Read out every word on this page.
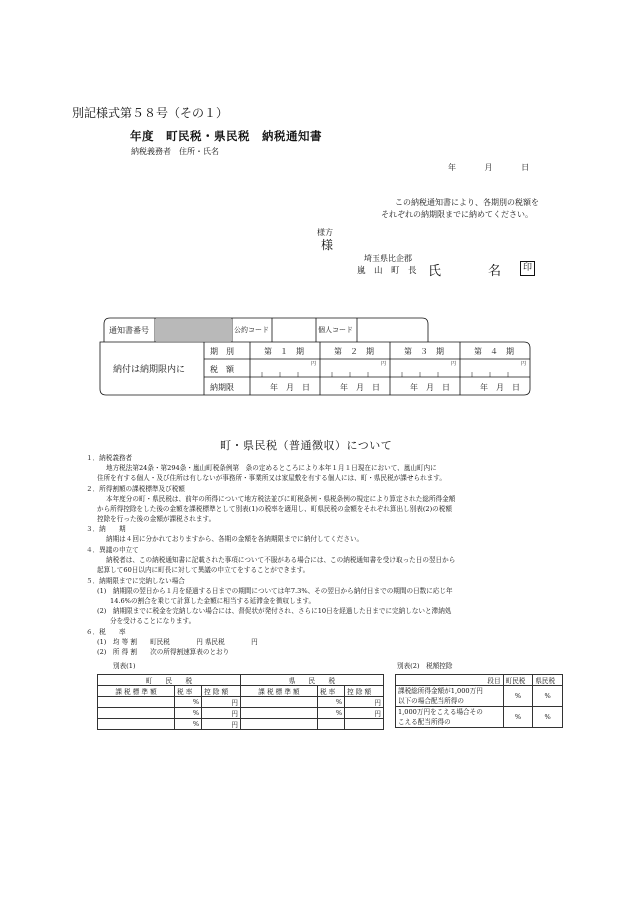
別記様式第５８号（その１）
年度　町民税・県民税　納税通知書
納税義務者　住所・氏名
年 月 日
この納税通知書により、各期別の税額を
それぞれの納期限までに納めてください。
様方
様
埼玉県比企郡
嵐　山　町　長 氏　　　名	印
通知書番号	公約コード	個人コード
納付は納期限内に
期　別
税　額
納期限
第　１　期	第　２　期	第　３　期	第　４　期
円	円	円	円
年　月　日	年　月　日	年　月　日	年　月　日
町・県民税（普通徴収）について
１．納税義務者
地方税法第24条・第294条・嵐山町税条例第　条の定めるところにより本年１月１日現在において、嵐山町内に
住所を有する個人・及び住所は有しないが事務所・事業所又は家屋敷を有する個人には、町・県民税が課せられます。
２．所得割額の課税標準及び税額
本年度分の町・県民税は、前年の所得について地方税法並びに町税条例・県税条例の規定により算定された総所得金額
から所得控除をした後の金額を課税標準として別表(1)の税率を適用し、町県民税の金額をそれぞれ算出し別表(2)の税額
控除を行った後の金額が課税されます。
３．納　　期
納期は４回に分かれておりますから、各期の金額を各納期限までに納付してください。
４．異議の申立て
納税者は、この納税通知書に記載された事項について不服がある場合には、この納税通知書を受け取った日の翌日から
起算して60日以内に町長に対して異議の申立てをすることができます。
５．納期限までに完納しない場合
(1)　納期限の翌日から１月を経過する日までの期間については年7.3%、その翌日から納付日までの期間の日数に応じ年
14.6%の割合を乗じて計算した金額に相当する延滞金を徴収します。
(2)　納期限までに税金を完納しない場合には、督促状が発付され、さらに10日を経過した日までに完納しないと滞納処
分を受けることになります。
６．税　　率
(1)　均 等 割　　町民税　　　　円 県民税　　　　円
(2)　所 得 割　　次の所得割速算表のとおり
別表(1)
町　　民　　税			県　　民　　税		
課 税 標 準 額	税 率	控 除 額	課 税 標 準 額	税 率	控 除 額
	%	円		%	円
	%	円		%	円
	%	円			
別表(2)　税額控除
段目	町民税	県民税

課税総所得金額が1,000万円
以下の場合配当所得の	%	%

1,000万円をこえる場合その
こえる配当所得の	%	%
